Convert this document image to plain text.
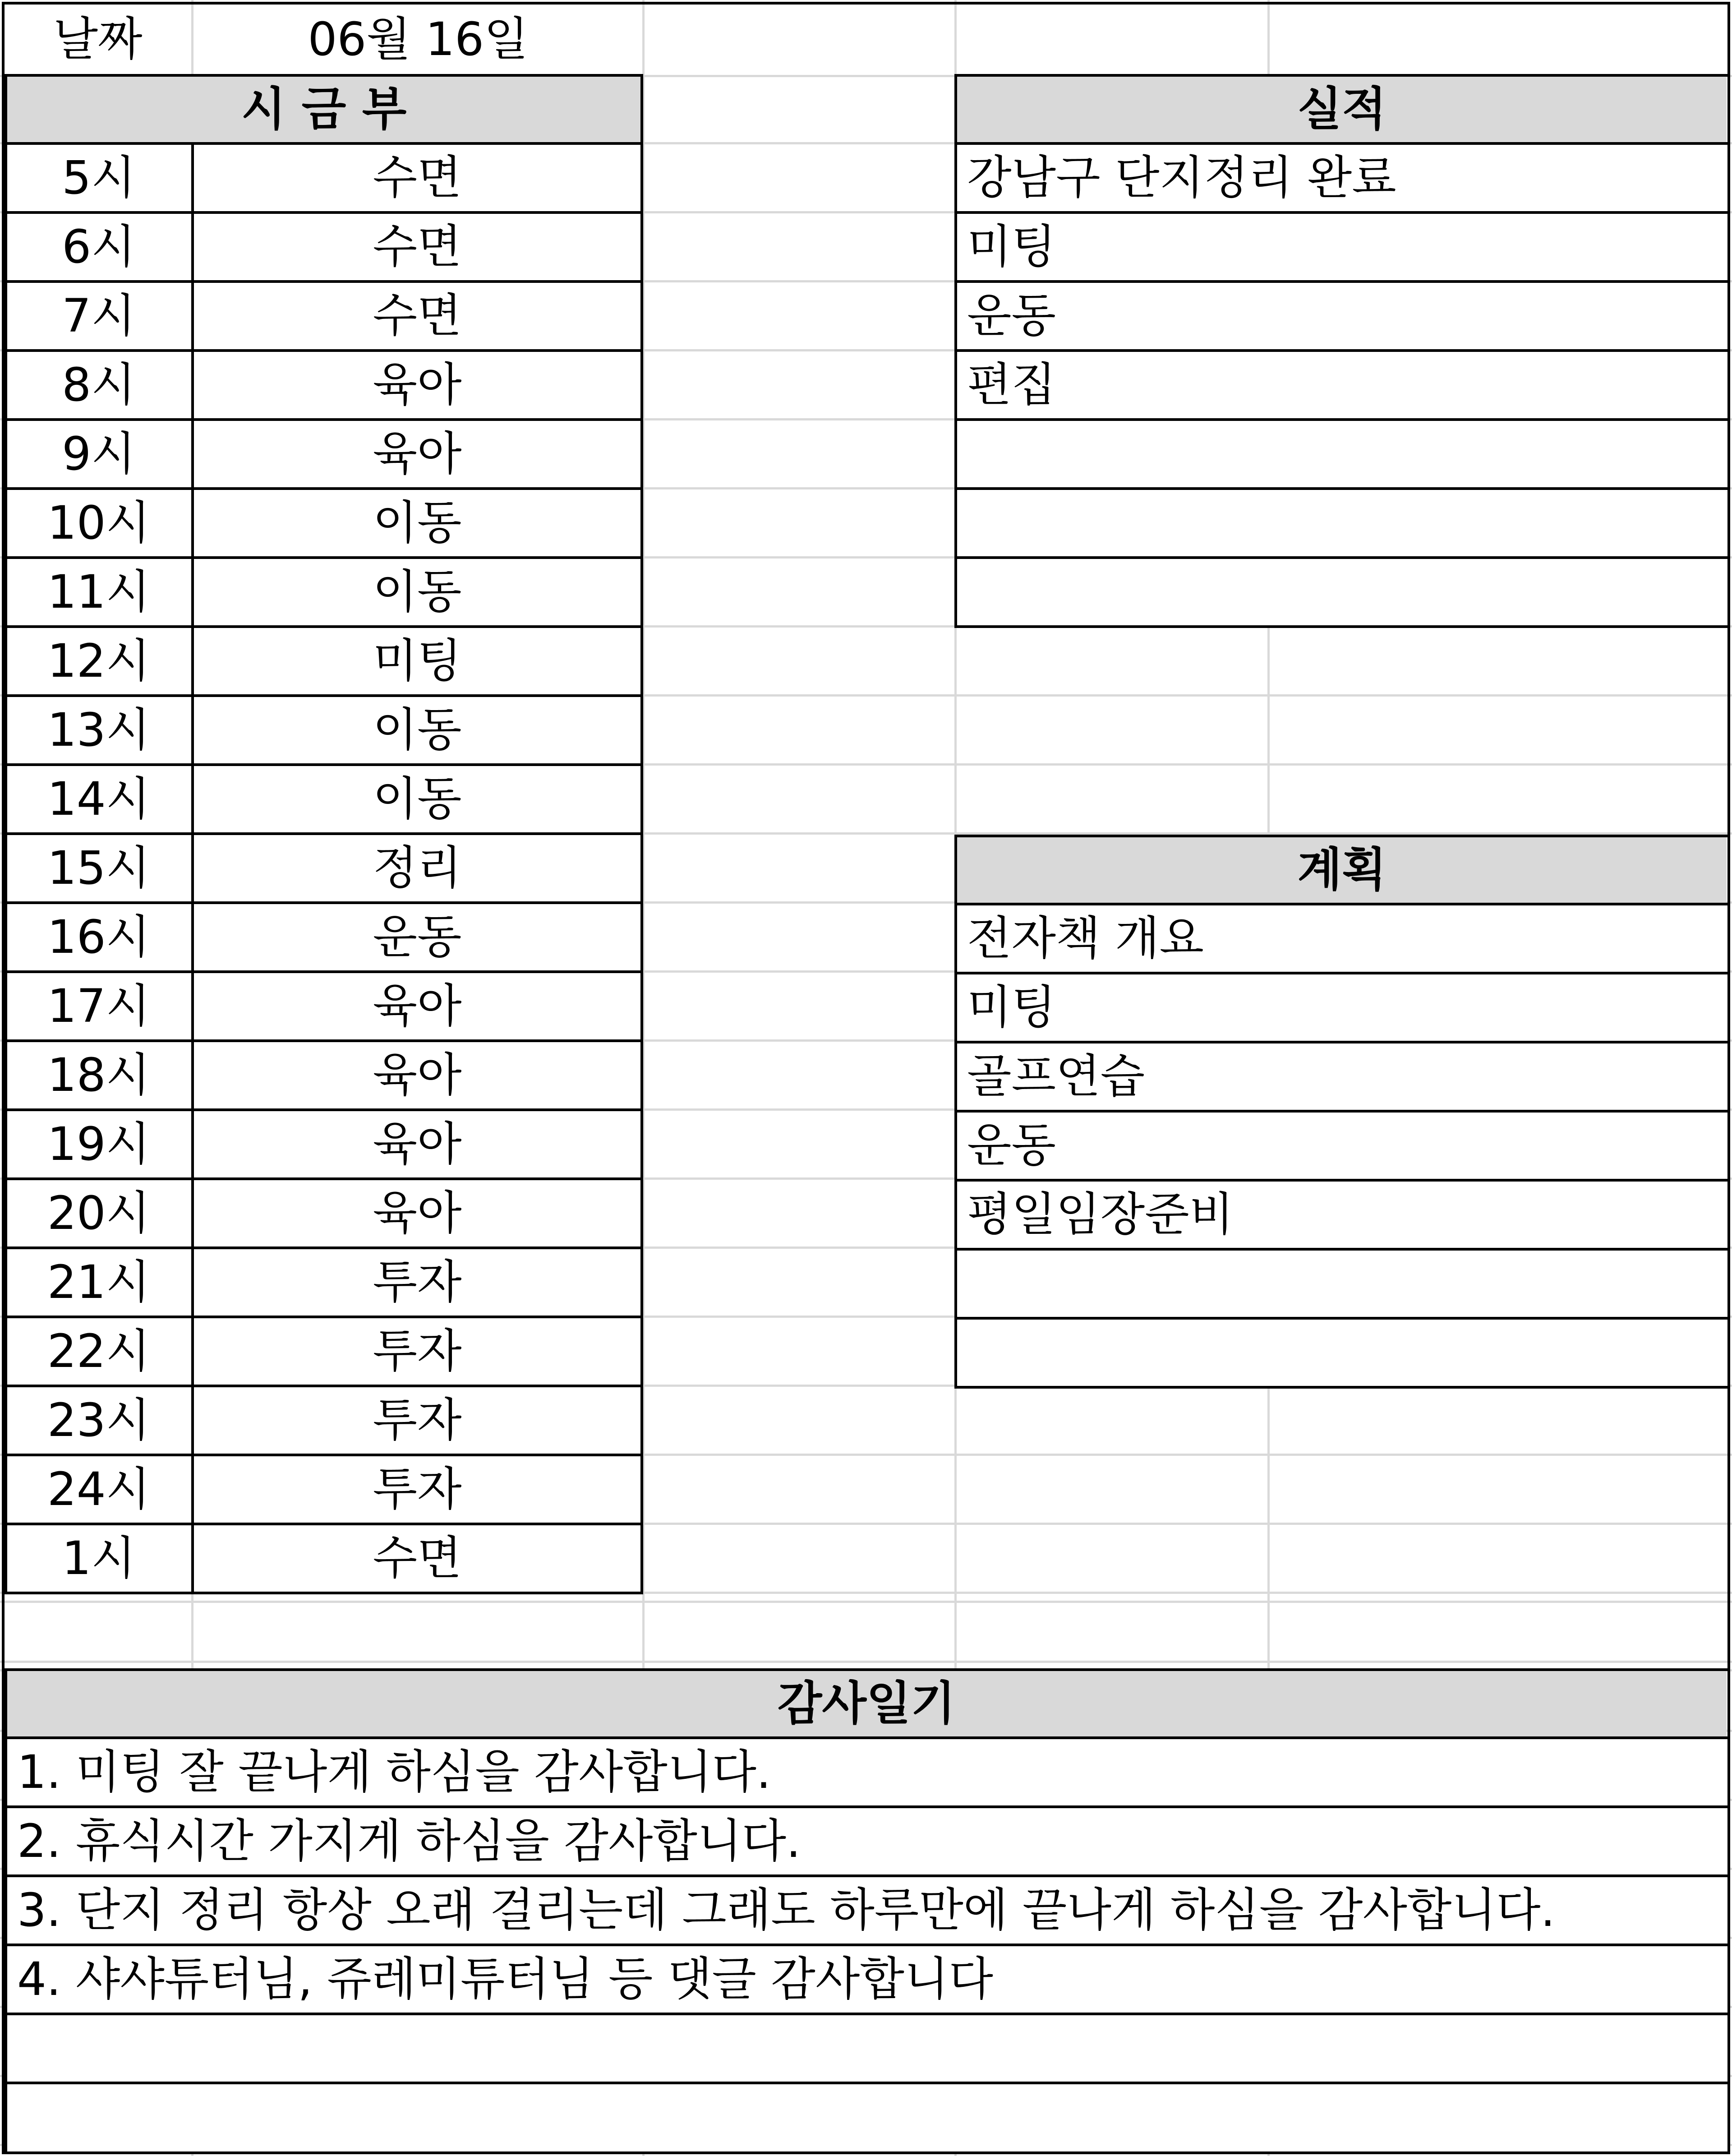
날짜	06월 16일
시 금 부
5시	수면
6시	수면
7시	수면
8시	육아
9시	육아
10시	이동
11시	이동
12시	미팅
13시	이동
14시	이동
15시	정리
16시	운동
17시	육아
18시	육아
19시	육아
20시	육아
21시	투자
22시	투자
23시	투자
24시	투자
1시	수면
실적
강남구 단지정리 완료
미팅
운동
편집
계획
전자책 개요
미팅
골프연습
운동
평일임장준비
감사일기
1. 미팅 잘 끝나게 하심을 감사합니다.
2. 휴식시간 가지게 하심을 감사합니다.
3. 단지 정리 항상 오래 걸리는데 그래도 하루만에 끝나게 하심을 감사합니다.
4. 샤샤튜터님, 쥬레미튜터님 등 댓글 감사합니다
